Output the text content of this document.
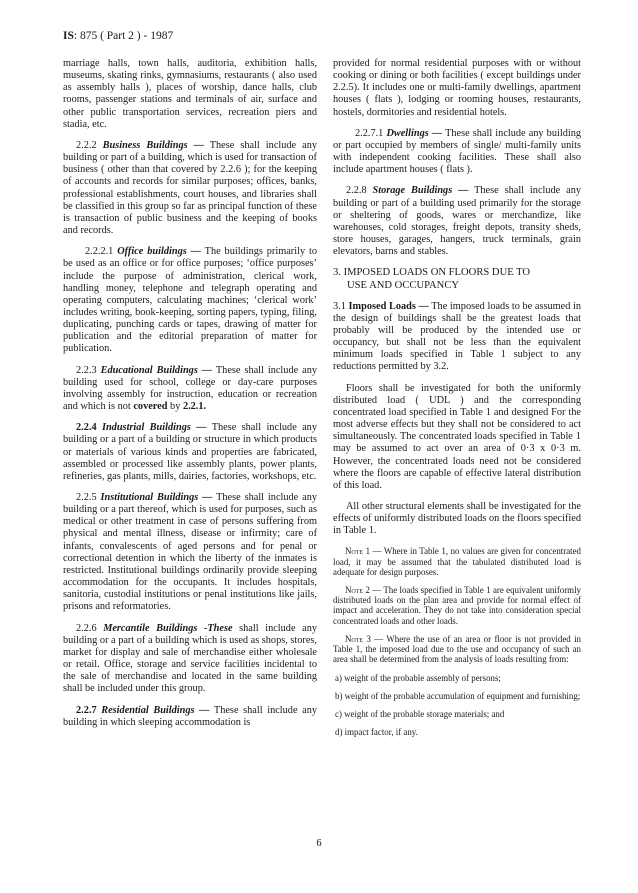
IS: 875 ( Part 2 ) - 1987

marriage halls, town halls, auditoria, exhibition halls, museums, skating rinks, gymnasiums, restaurants ( also used as assembly halls ), places of worship, dance halls, club rooms, passenger stations and terminals of air, surface and other public transportation services, recreation piers and stadia, etc.

2.2.2 Business Buildings — These shall include any building or part of a building, which is used for transaction of business ( other than that covered by 2.2.6 ); for the keeping of accounts and records for similar purposes; offices, banks, professional establishments, court houses, and libraries shall be classified in this group so far as principal function of these is transaction of public business and the keeping of books and records.

2.2.2.1 Office buildings — The buildings primarily to be used as an office or for office purposes; ‘office purposes’ include the purpose of administration, clerical work, handling money, telephone and telegraph operating and operating computers, calculating machines; ‘clerical work’ includes writing, book-keeping, sorting papers, typing, filing, duplicating, punching cards or tapes, drawing of matter for publication and the editorial preparation of matter for publication.

2.2.3 Educational Buildings — These shall include any building used for school, college or day-care purposes involving assembly for instruction, education or recreation and which is not covered by 2.2.1.

2.2.4 Industrial Buildings — These shall include any building or a part of a building or structure in which products or materials of various kinds and properties are fabricated, assembled or processed like assembly plants, power plants, refineries, gas plants, mills, dairies, factories, workshops, etc.

2.2.5 Institutional Buildings — These shall include any building or a part thereof, which is used for purposes, such as medical or other treatment in case of persons suffering from physical and mental illness, disease or infirmity; care of infants, convalescents of aged persons and for penal or correctional detention in which the liberty of the inmates is restricted. Institutional buildings ordinarily provide sleeping accommodation for the occupants. It includes hospitals, sanitoria, custodial institutions or penal institutions like jails, prisons and reformatories.

2.2.6 Mercantile Buildings -These shall include any building or a part of a building which is used as shops, stores, market for display and sale of merchandise either wholesale or retail. Office, storage and service facilities incidental to the sale of merchandise and located in the same building shall be included under this group.

2.2.7 Residential Buildings — These shall include any building in which sleeping accommodation is

provided for normal residential purposes with or without cooking or dining or both facilities ( except buildings under 2.2.5). It includes one or multi-family dwellings, apartment houses ( flats ), lodging or rooming houses, restaurants, hostels, dormitories and residential hotels.

2.2.7.1 Dwellings — These shall include any building or part occupied by members of single/ multi-family units with independent cooking facilities. These shall also include apartment houses ( flats ).

2.2.8 Storage Buildings — These shall include any building or part of a building used primarily for the storage or sheltering of goods, wares or merchandize, like warehouses, cold storages, freight depots, transity sheds, store houses, garages, hangers, truck terminals, grain elevators, barns and stables.

3. IMPOSED LOADS ON FLOORS DUE TO
USE AND OCCUPANCY

3.1 Imposed Loads — The imposed loads to be assumed in the design of buildings shall be the greatest loads that probably will be produced by the intended use or occupancy, but shall not be less than the equivalent minimum loads specified in Table 1 subject to any reductions permitted by 3.2.

Floors shall be investigated for both the uniformly distributed load ( UDL ) and the corresponding concentrated load specified in Table 1 and designed For the most adverse effects but they shall not be considered to act simultaneously. The concentrated loads specified in Table 1 may be assumed to act over an area of 0·3 x 0·3 m. However, the concentrated loads need not be considered where the floors are capable of effective lateral distribution of this load.

All other structural elements shall be investigated for the effects of uniformly distributed loads on the floors specified in Table 1.

Note 1 — Where in Table 1, no values are given for concentrated load, it may be assumed that the tabulated distributed load is adequate for design purposes.

Note 2 — The loads specified in Table 1 are equivalent uniformly distributed loads on the plan area and provide for normal effect of impact and acceleration. They do not take into consideration special concentrated loads and other loads.

Note 3 — Where the use of an area or floor is not provided in Table 1, the imposed load due to the use and occupancy of such an area shall be determined from the analysis of loads resulting from:

a) weight of the probable assembly of persons;
b) weight of the probable accumulation of equipment and furnishing;
c) weight of the probable storage materials; and
d) impact factor, if any.
6
